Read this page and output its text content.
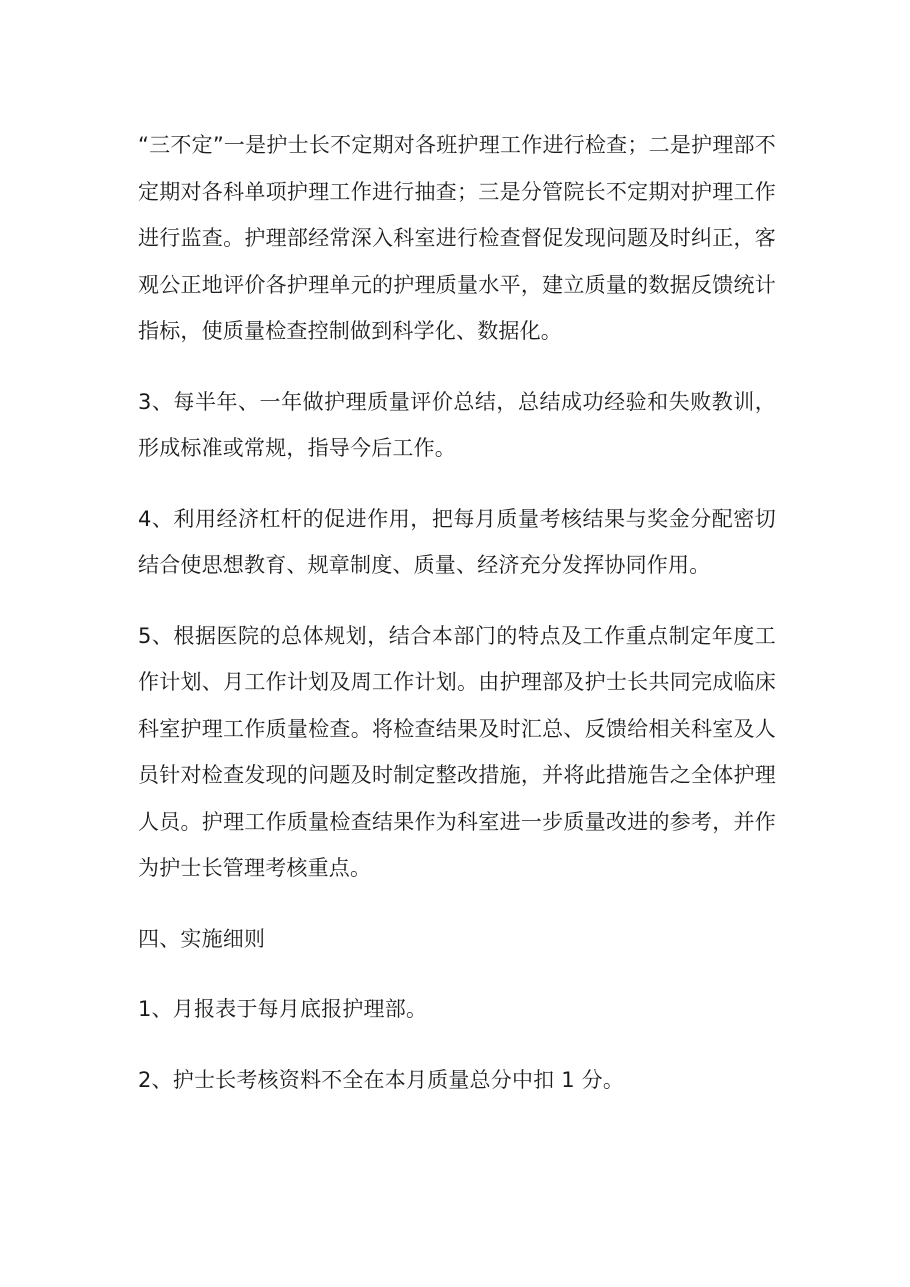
“三不定”一是护士长不定期对各班护理工作进行检查；二是护理部不定期对各科单项护理工作进行抽查；三是分管院长不定期对护理工作进行监查。护理部经常深入科室进行检查督促发现问题及时纠正，客观公正地评价各护理单元的护理质量水平，建立质量的数据反馈统计指标，使质量检查控制做到科学化、数据化。

3、每半年、一年做护理质量评价总结，总结成功经验和失败教训，形成标准或常规，指导今后工作。

4、利用经济杠杆的促进作用，把每月质量考核结果与奖金分配密切结合使思想教育、规章制度、质量、经济充分发挥协同作用。

5、根据医院的总体规划，结合本部门的特点及工作重点制定年度工作计划、月工作计划及周工作计划。由护理部及护士长共同完成临床科室护理工作质量检查。将检查结果及时汇总、反馈给相关科室及人员针对检查发现的问题及时制定整改措施，并将此措施告之全体护理人员。护理工作质量检查结果作为科室进一步质量改进的参考，并作为护士长管理考核重点。

四、实施细则

1、月报表于每月底报护理部。

2、护士长考核资料不全在本月质量总分中扣 1 分。
